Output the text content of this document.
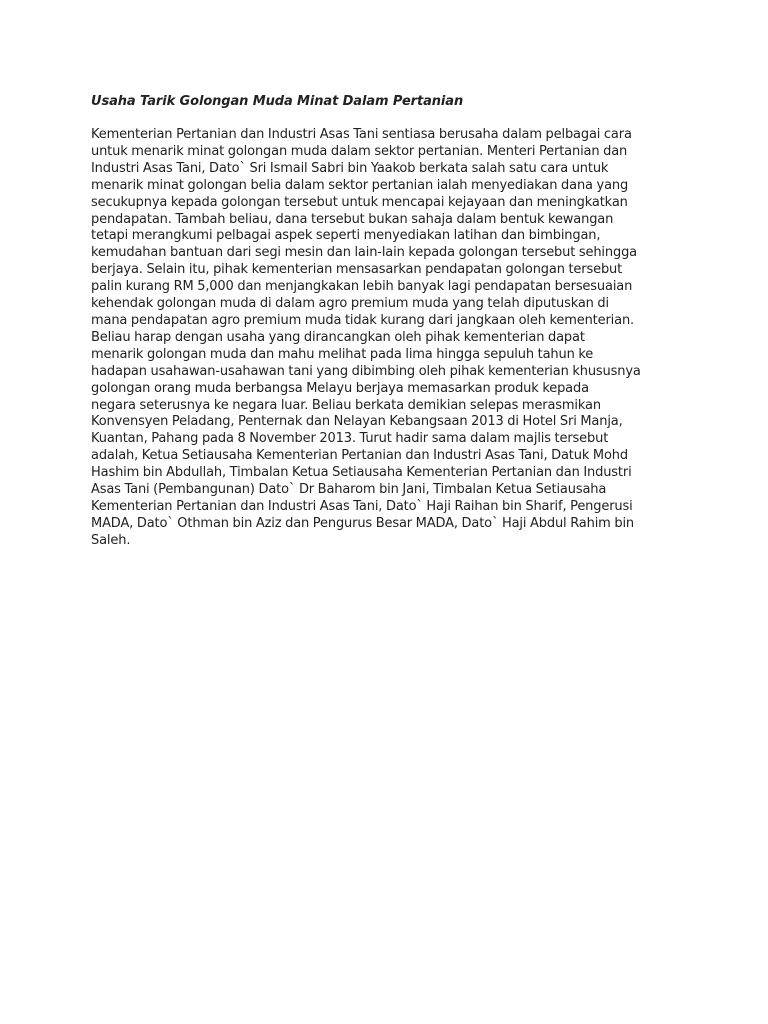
Usaha Tarik Golongan Muda Minat Dalam Pertanian

Kementerian Pertanian dan Industri Asas Tani sentiasa berusaha dalam pelbagai cara
untuk menarik minat golongan muda dalam sektor pertanian. Menteri Pertanian dan
Industri Asas Tani, Dato` Sri Ismail Sabri bin Yaakob berkata salah satu cara untuk
menarik minat golongan belia dalam sektor pertanian ialah menyediakan dana yang
secukupnya kepada golongan tersebut untuk mencapai kejayaan dan meningkatkan
pendapatan. Tambah beliau, dana tersebut bukan sahaja dalam bentuk kewangan
tetapi merangkumi pelbagai aspek seperti menyediakan latihan dan bimbingan,
kemudahan bantuan dari segi mesin dan lain-lain kepada golongan tersebut sehingga
berjaya. Selain itu, pihak kementerian mensasarkan pendapatan golongan tersebut
palin kurang RM 5,000 dan menjangkakan lebih banyak lagi pendapatan bersesuaian
kehendak golongan muda di dalam agro premium muda yang telah diputuskan di
mana pendapatan agro premium muda tidak kurang dari jangkaan oleh kementerian.
Beliau harap dengan usaha yang dirancangkan oleh pihak kementerian dapat
menarik golongan muda dan mahu melihat pada lima hingga sepuluh tahun ke
hadapan usahawan-usahawan tani yang dibimbing oleh pihak kementerian khususnya
golongan orang muda berbangsa Melayu berjaya memasarkan produk kepada
negara seterusnya ke negara luar. Beliau berkata demikian selepas merasmikan
Konvensyen Peladang, Penternak dan Nelayan Kebangsaan 2013 di Hotel Sri Manja,
Kuantan, Pahang pada 8 November 2013. Turut hadir sama dalam majlis tersebut
adalah, Ketua Setiausaha Kementerian Pertanian dan Industri Asas Tani, Datuk Mohd
Hashim bin Abdullah, Timbalan Ketua Setiausaha Kementerian Pertanian dan Industri
Asas Tani (Pembangunan) Dato` Dr Baharom bin Jani, Timbalan Ketua Setiausaha
Kementerian Pertanian dan Industri Asas Tani, Dato` Haji Raihan bin Sharif, Pengerusi
MADA, Dato` Othman bin Aziz dan Pengurus Besar MADA, Dato` Haji Abdul Rahim bin
Saleh.
